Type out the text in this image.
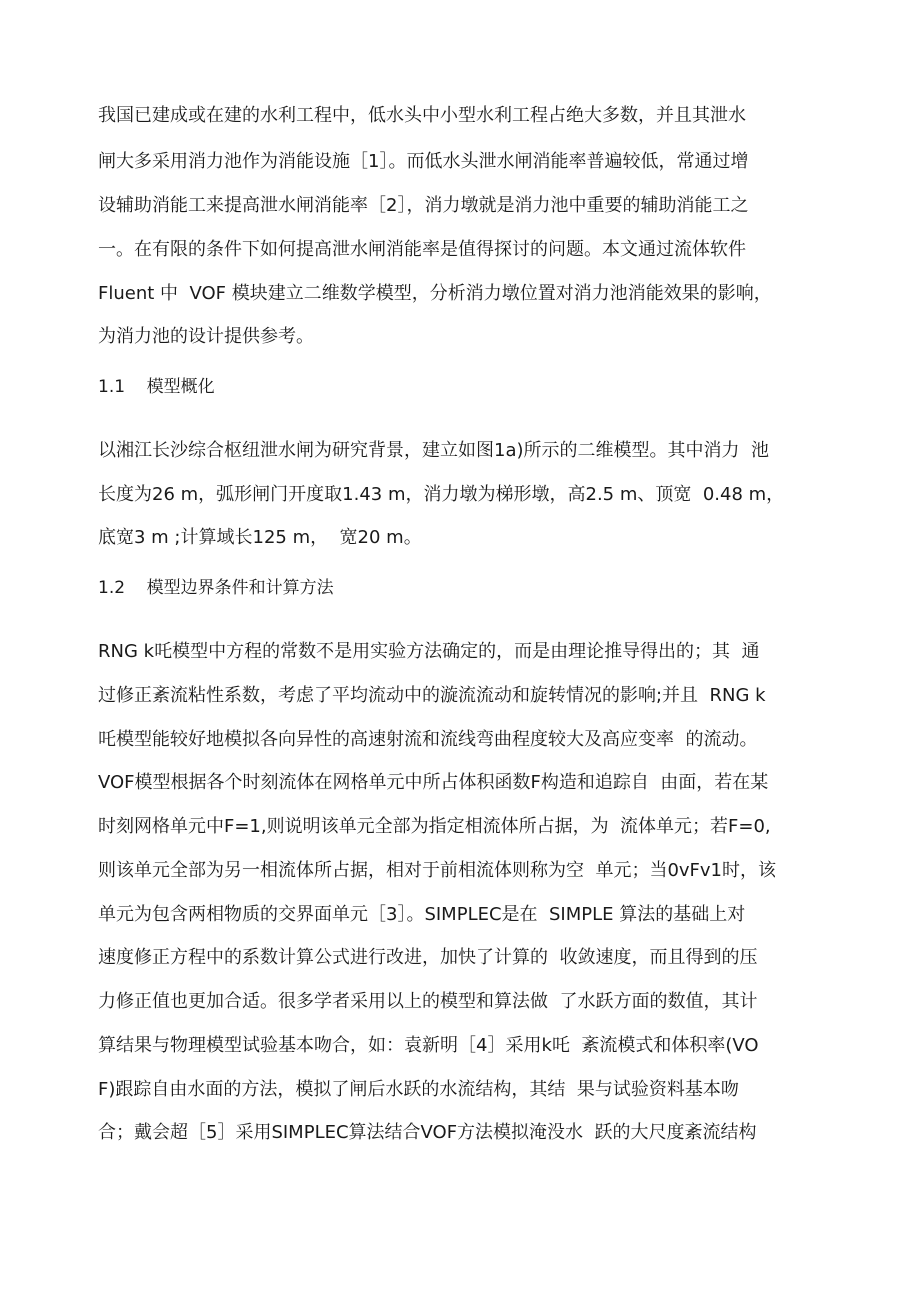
我国已建成或在建的水利工程中，低水头中小型水利工程占绝大多数，并且其泄水
闸大多采用消力池作为消能设施［1］。而低水头泄水闸消能率普遍较低，常通过增
设辅助消能工来提高泄水闸消能率［2］，消力墩就是消力池中重要的辅助消能工之
一。在有限的条件下如何提高泄水闸消能率是值得探讨的问题。本文通过流体软件
Fluent 中  VOF 模块建立二维数学模型，分析消力墩位置对消力池消能效果的影响，
为消力池的设计提供参考。
1.1    模型概化
以湘江长沙综合枢纽泄水闸为研究背景，建立如图1a)所示的二维模型。其中消力  池
长度为26 m，弧形闸门开度取1.43 m，消力墩为梯形墩，高2.5 m、顶宽  0.48 m，
底宽3 m ;计算域长125 m，  宽20 m。
1.2    模型边界条件和计算方法
RNG k吒模型中方程的常数不是用实验方法确定的，而是由理论推导得出的；其  通
过修正紊流粘性系数，考虑了平均流动中的漩流流动和旋转情况的影响;并且  RNG k
吒模型能较好地模拟各向异性的高速射流和流线弯曲程度较大及高应变率  的流动。
VOF模型根据各个时刻流体在网格单元中所占体积函数F构造和追踪自  由面，若在某
时刻网格单元中F=1,则说明该单元全部为指定相流体所占据，为  流体单元；若F=0,
则该单元全部为另一相流体所占据，相对于前相流体则称为空  单元；当0vFv1时，该
单元为包含两相物质的交界面单元［3］。SIMPLEC是在  SIMPLE 算法的基础上对
速度修正方程中的系数计算公式进行改进，加快了计算的  收敛速度，而且得到的压
力修正值也更加合适。很多学者采用以上的模型和算法做  了水跃方面的数值，其计
算结果与物理模型试验基本吻合，如：袁新明［4］采用k吒  紊流模式和体积率(VO
F)跟踪自由水面的方法，模拟了闸后水跃的水流结构，其结  果与试验资料基本吻
合；戴会超［5］采用SIMPLEC算法结合VOF方法模拟淹没水  跃的大尺度紊流结构
